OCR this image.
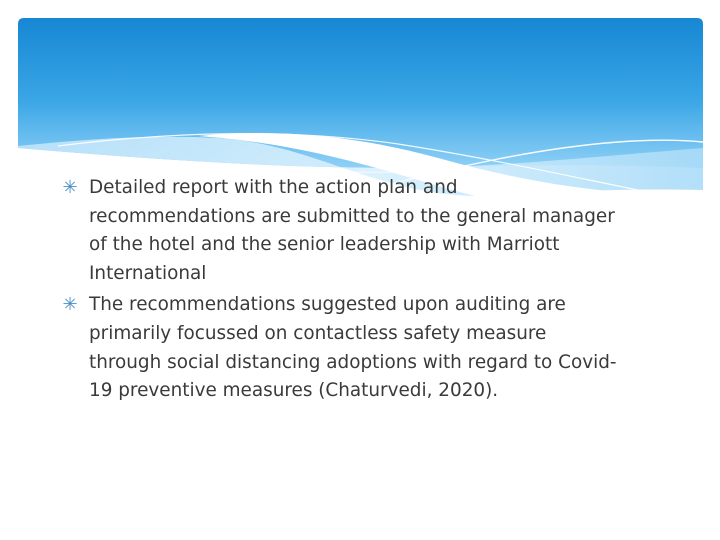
✳ Detailed report with the action plan and recommendations are submitted to the general manager of the hotel and the senior leadership with Marriott International
✳ The recommendations suggested upon auditing are primarily focussed on contactless safety measure through social distancing adoptions with regard to Covid-19 preventive measures (Chaturvedi, 2020).
